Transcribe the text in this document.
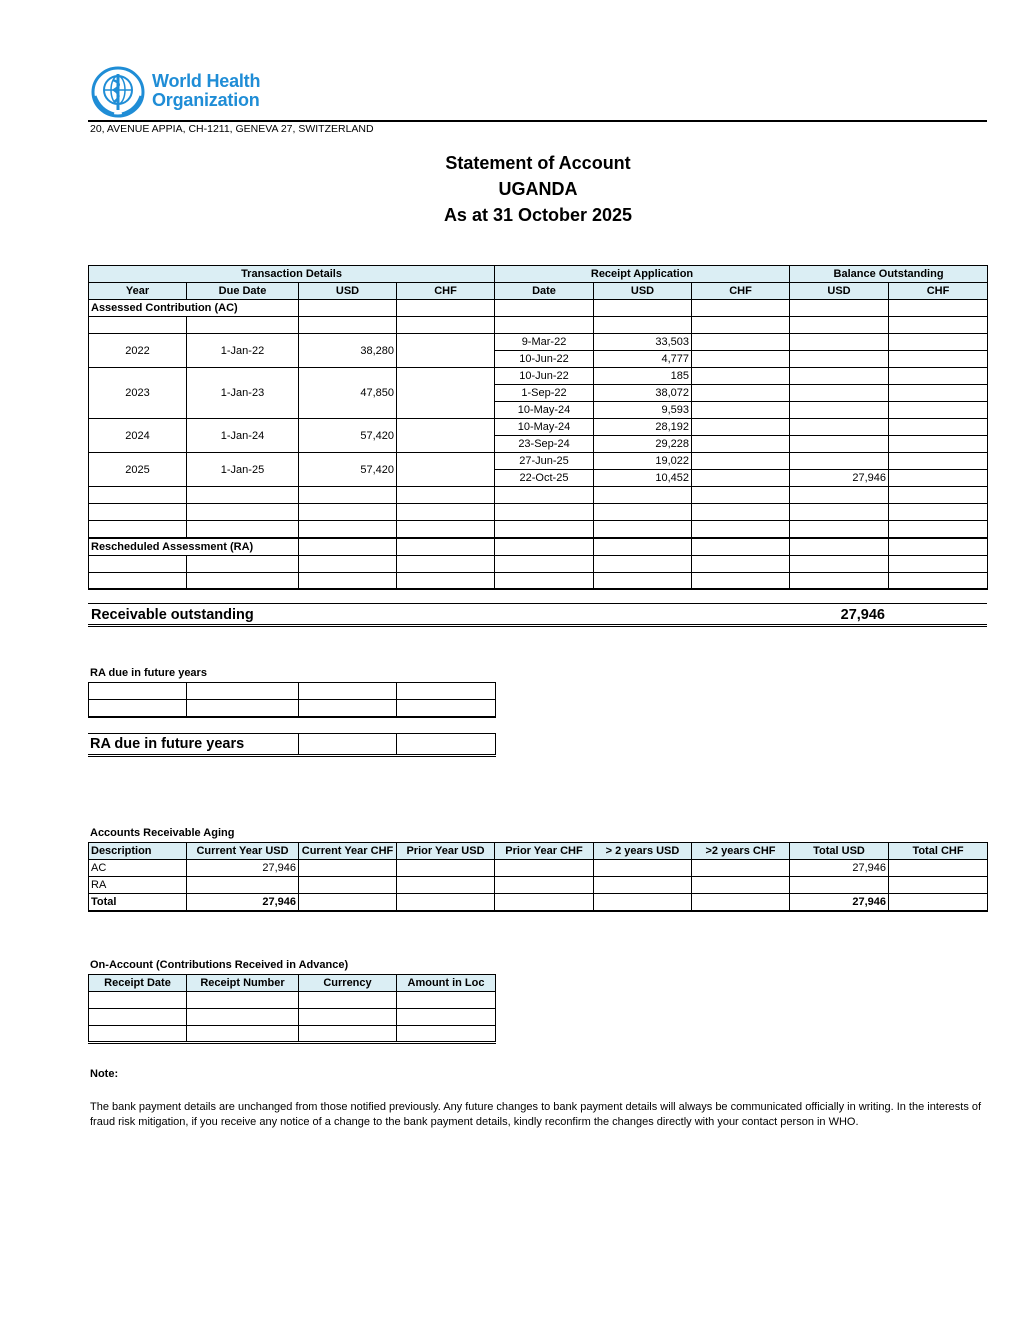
World Health
Organization
20, AVENUE APPIA, CH-1211, GENEVA 27, SWITZERLAND
Statement of Account
UGANDA
As at 31 October 2025
Transaction Details				Receipt Application			Balance Outstanding	
Year	Due Date	USD	CHF	Date	USD	CHF	USD	CHF
Assessed Contribution (AC)								

2022	1-Jan-22	38,280		9-Mar-22	33,503			
				10-Jun-22	4,777			
2023	1-Jan-23	47,850		10-Jun-22	185			
				1-Sep-22	38,072			
				10-May-24	9,593			
2024	1-Jan-24	57,420		10-May-24	28,192			
				23-Sep-24	29,228			
2025	1-Jan-25	57,420		27-Jun-25	19,022			
				22-Oct-25	10,452		27,946	

Rescheduled Assessment (RA)								

Receivable outstanding	27,946
RA due in future years

RA due in future years		
Accounts Receivable Aging
Description	Current Year USD	Current Year CHF	Prior Year USD	Prior Year CHF	> 2 years USD	>2 years CHF	Total USD	Total CHF
AC	27,946						27,946	
RA								
Total	27,946						27,946	
On-Account (Contributions Received in Advance)
Receipt Date	Receipt Number	Currency	Amount in Loc

Note:
The bank payment details are unchanged from those notified previously. Any future changes to bank payment details will always be communicated officially in writing. In the interests of fraud risk mitigation, if you receive any notice of a change to the bank payment details, kindly reconfirm the changes directly with your contact person in WHO.
